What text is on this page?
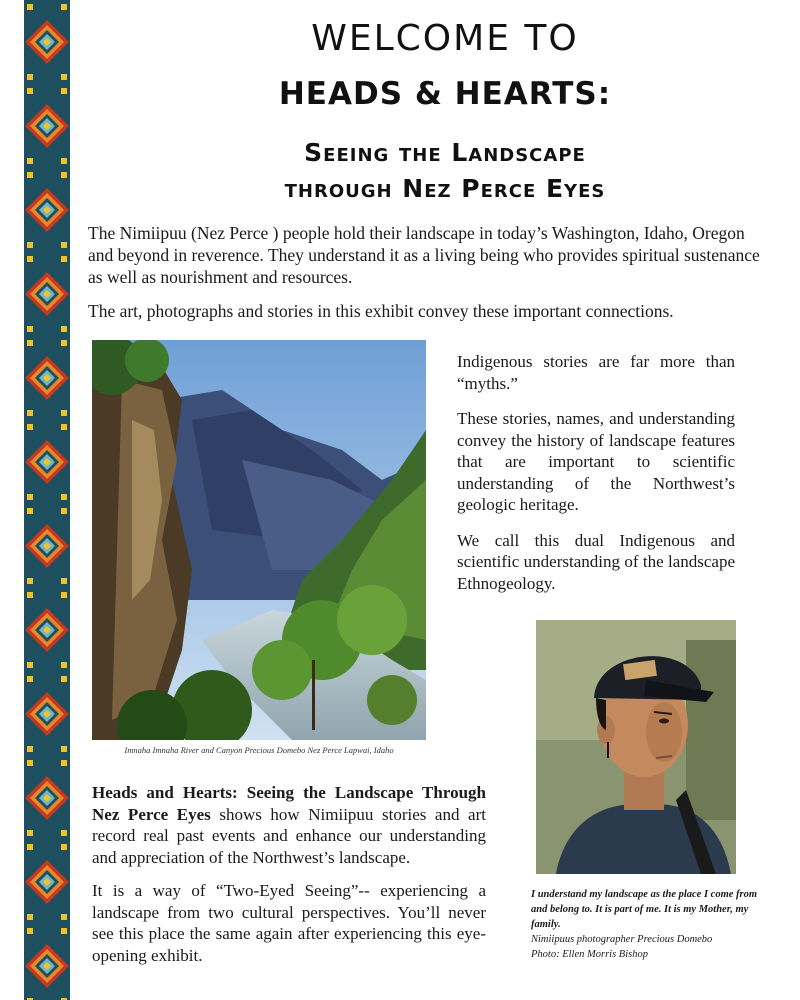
WELCOME TO
HEADS & HEARTS:
Seeing the Landscape
through Nez Perce Eyes

The Nimiipuu (Nez Perce ) people hold their landscape in today’s Washington, Idaho, Oregon and beyond in reverence. They understand it as a living being who provides spiritual sustenance as well as nourishment and resources.

The art, photographs and stories in this exhibit convey these important connections.

Imnaha Imnaha River and Canyon Precious Domebo Nez Perce Lapwai, Idaho

Indigenous stories are far more than “myths.”

These stories, names, and understanding convey the history of landscape features that are important to scientific understanding of the Northwest’s geologic heritage.

We call this dual Indigenous and scientific understanding of the landscape Ethnogeology.

I understand my landscape as the place I come from and belong to. It is part of me. It is my Mother, my family.
Nimiipuus photographer Precious Domebo
Photo: Ellen Morris Bishop

Heads and Hearts: Seeing the Landscape Through Nez Perce Eyes shows how Nimiipuu stories and art record real past events and enhance our understanding and appreciation of the Northwest’s landscape.

It is a way of “Two-Eyed Seeing”-- experiencing a landscape from two cultural perspectives. You’ll never see this place the same again after experiencing this eye-opening exhibit.
